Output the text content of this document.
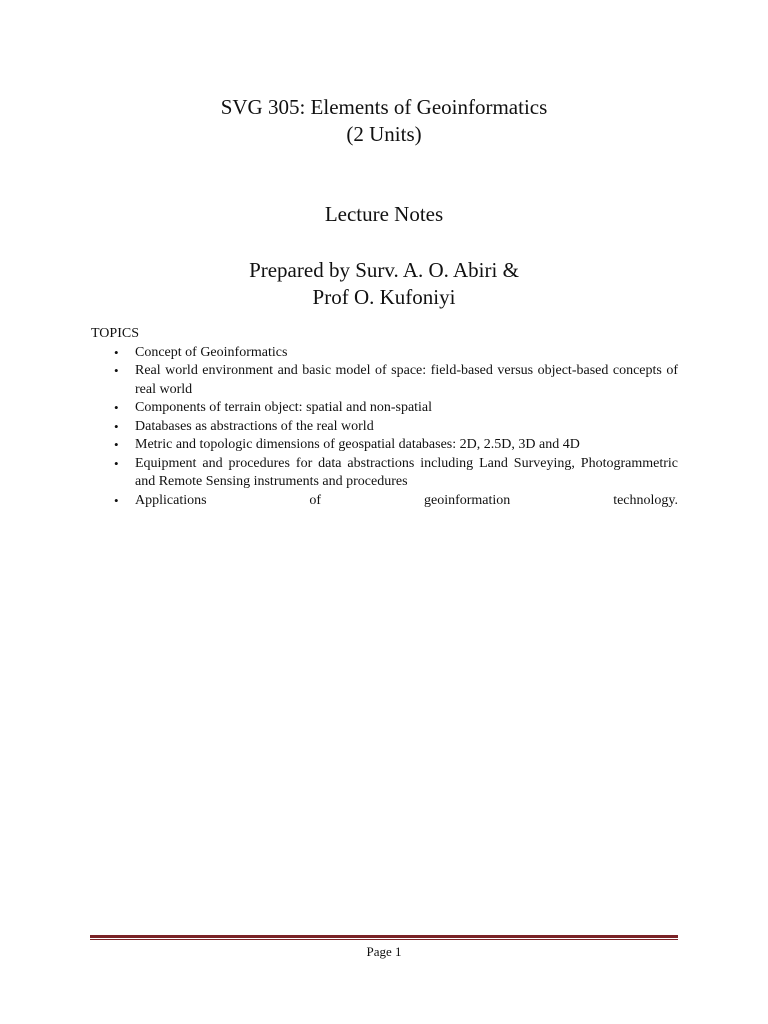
SVG 305: Elements of Geoinformatics
(2 Units)
Lecture Notes
Prepared by Surv. A. O. Abiri &
Prof O. Kufoniyi
TOPICS
• Concept of Geoinformatics
• Real world environment and basic model of space: field-based versus object-based concepts of real world
• Components of terrain object: spatial and non-spatial
• Databases as abstractions of the real world
• Metric and topologic dimensions of geospatial databases: 2D, 2.5D, 3D and 4D
• Equipment and procedures for data abstractions including Land Surveying, Photogrammetric and Remote Sensing instruments and procedures
• Applications of geoinformation technology.
Page 1
